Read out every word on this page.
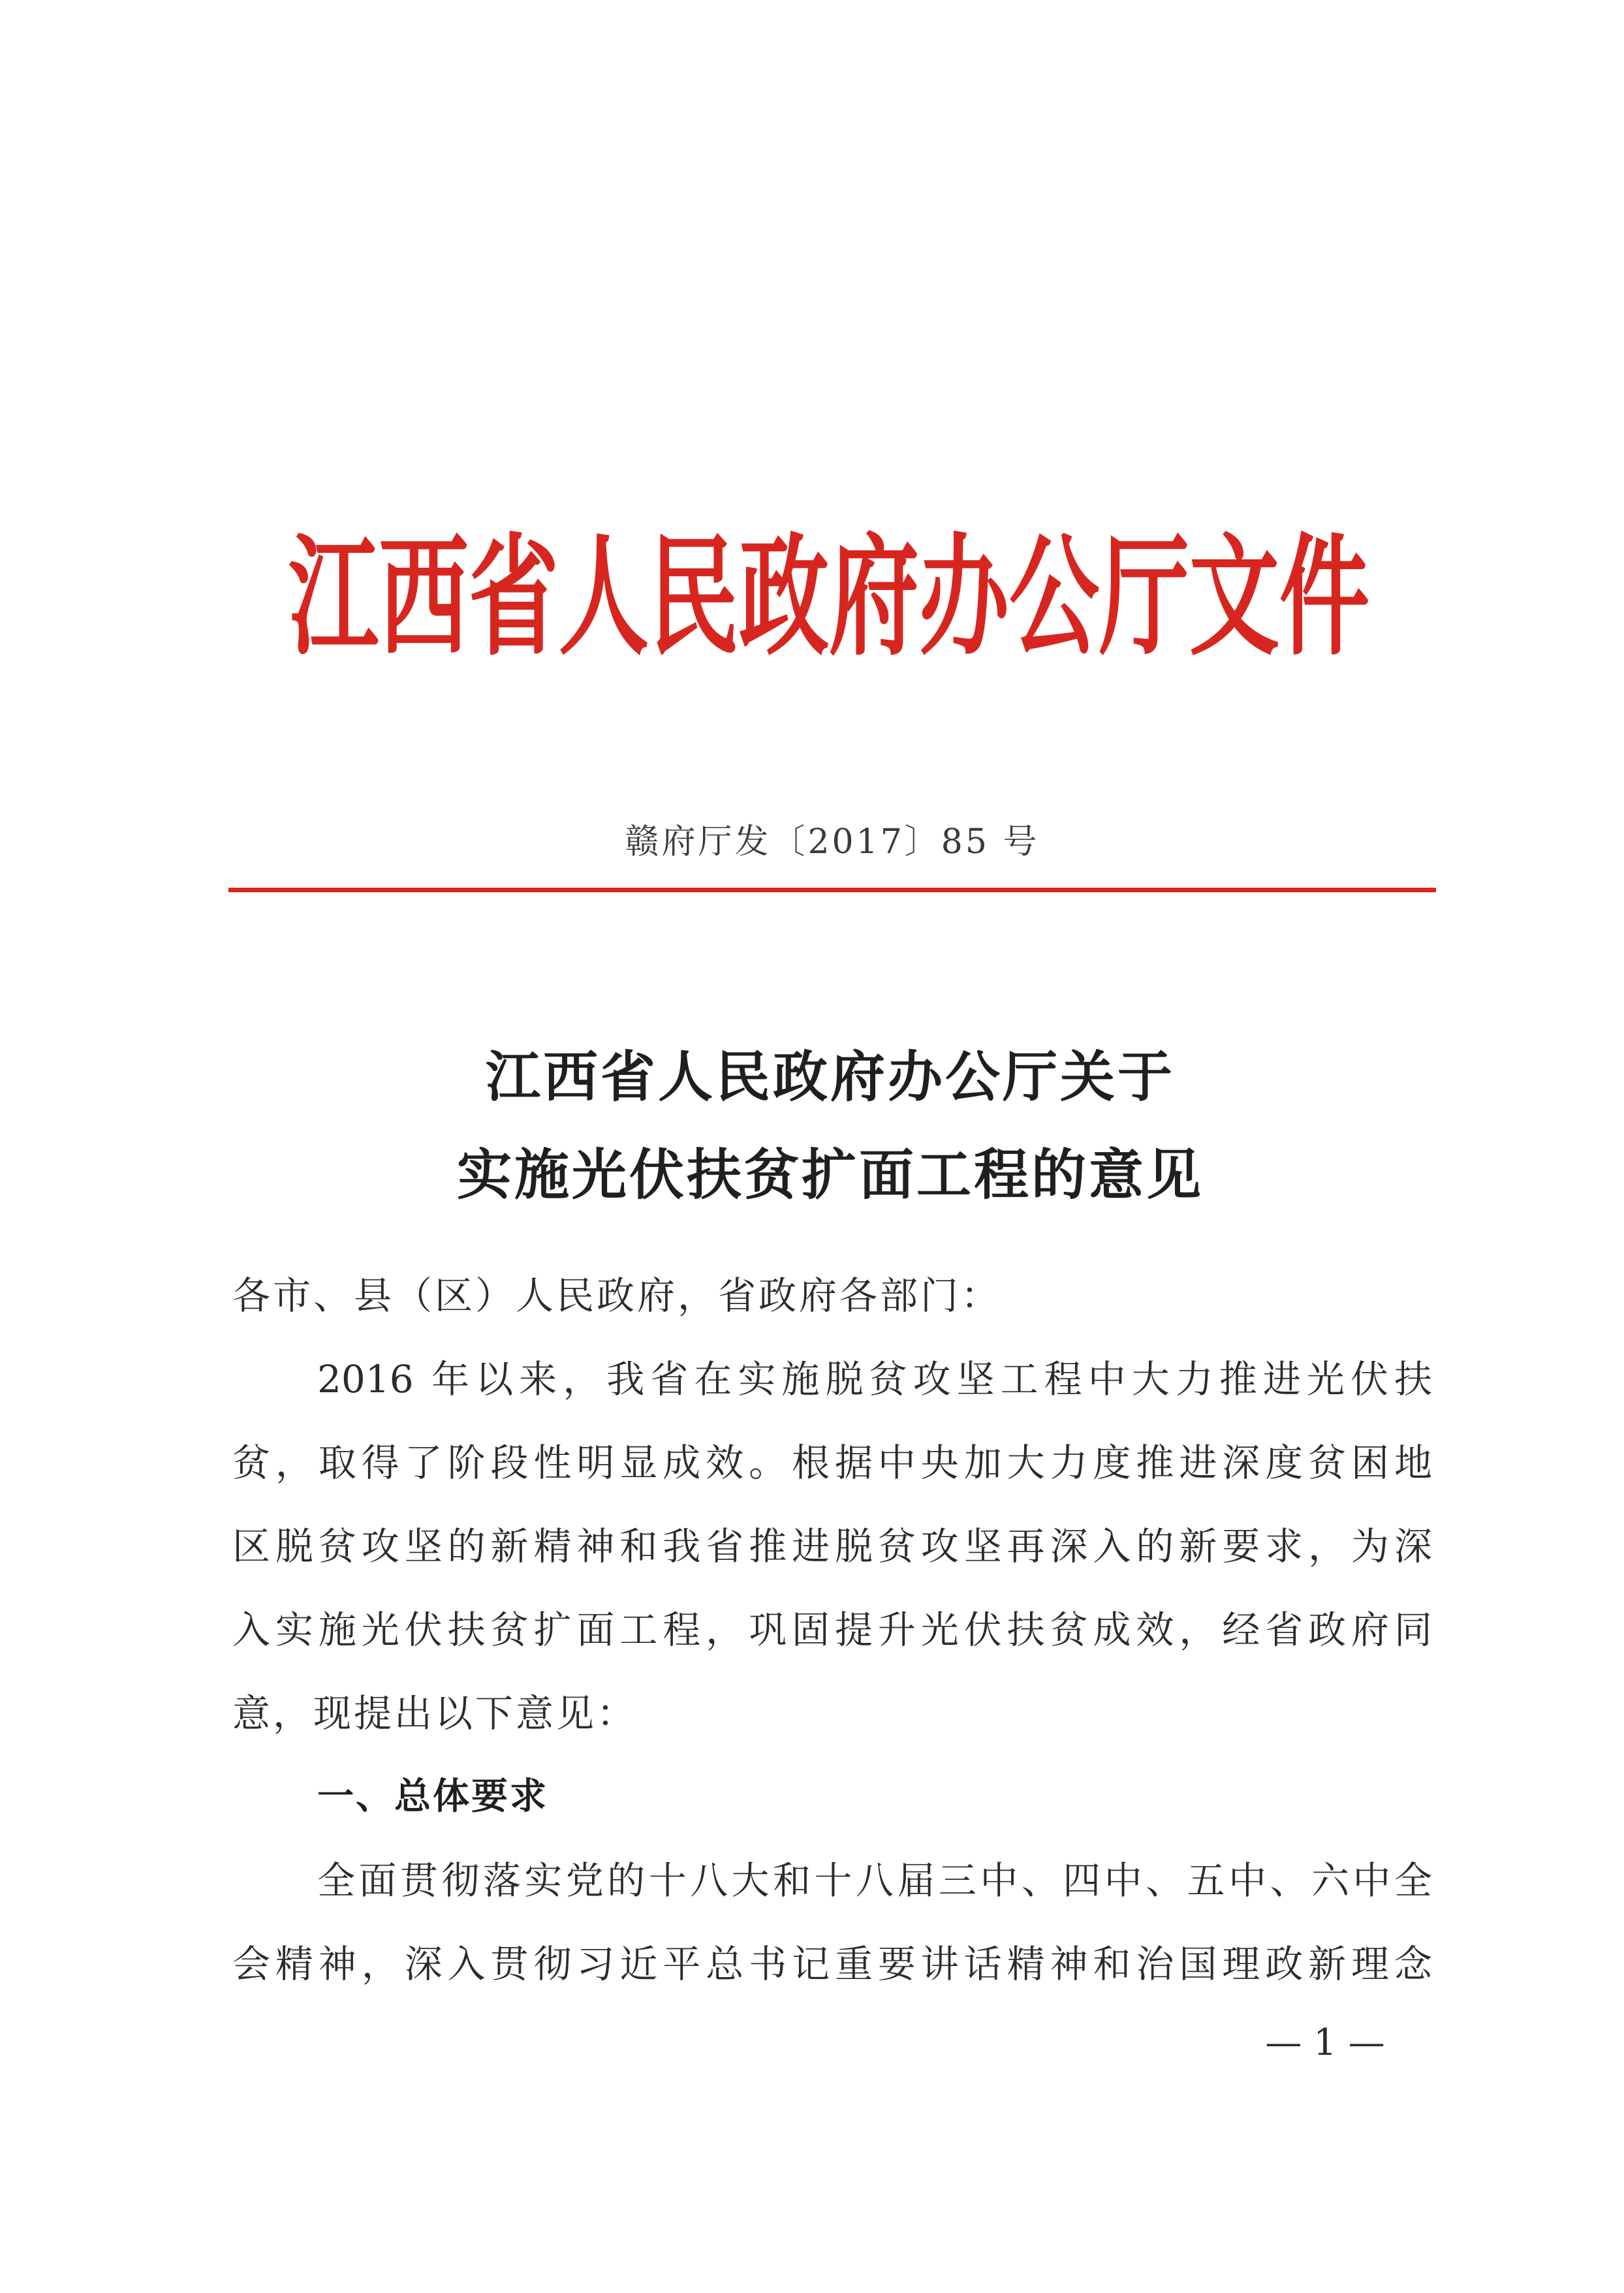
江西省人民政府办公厅文件
赣府厅发〔2017〕85 号
江西省人民政府办公厅关于
实施光伏扶贫扩面工程的意见
各市、县（区）人民政府，省政府各部门：
2016 年以来，我省在实施脱贫攻坚工程中大力推进光伏扶
贫，取得了阶段性明显成效。根据中央加大力度推进深度贫困地
区脱贫攻坚的新精神和我省推进脱贫攻坚再深入的新要求，为深
入实施光伏扶贫扩面工程，巩固提升光伏扶贫成效，经省政府同
意，现提出以下意见：
一、总体要求
全面贯彻落实党的十八大和十八届三中、四中、五中、六中全
会精神，深入贯彻习近平总书记重要讲话精神和治国理政新理念
— 1 —
